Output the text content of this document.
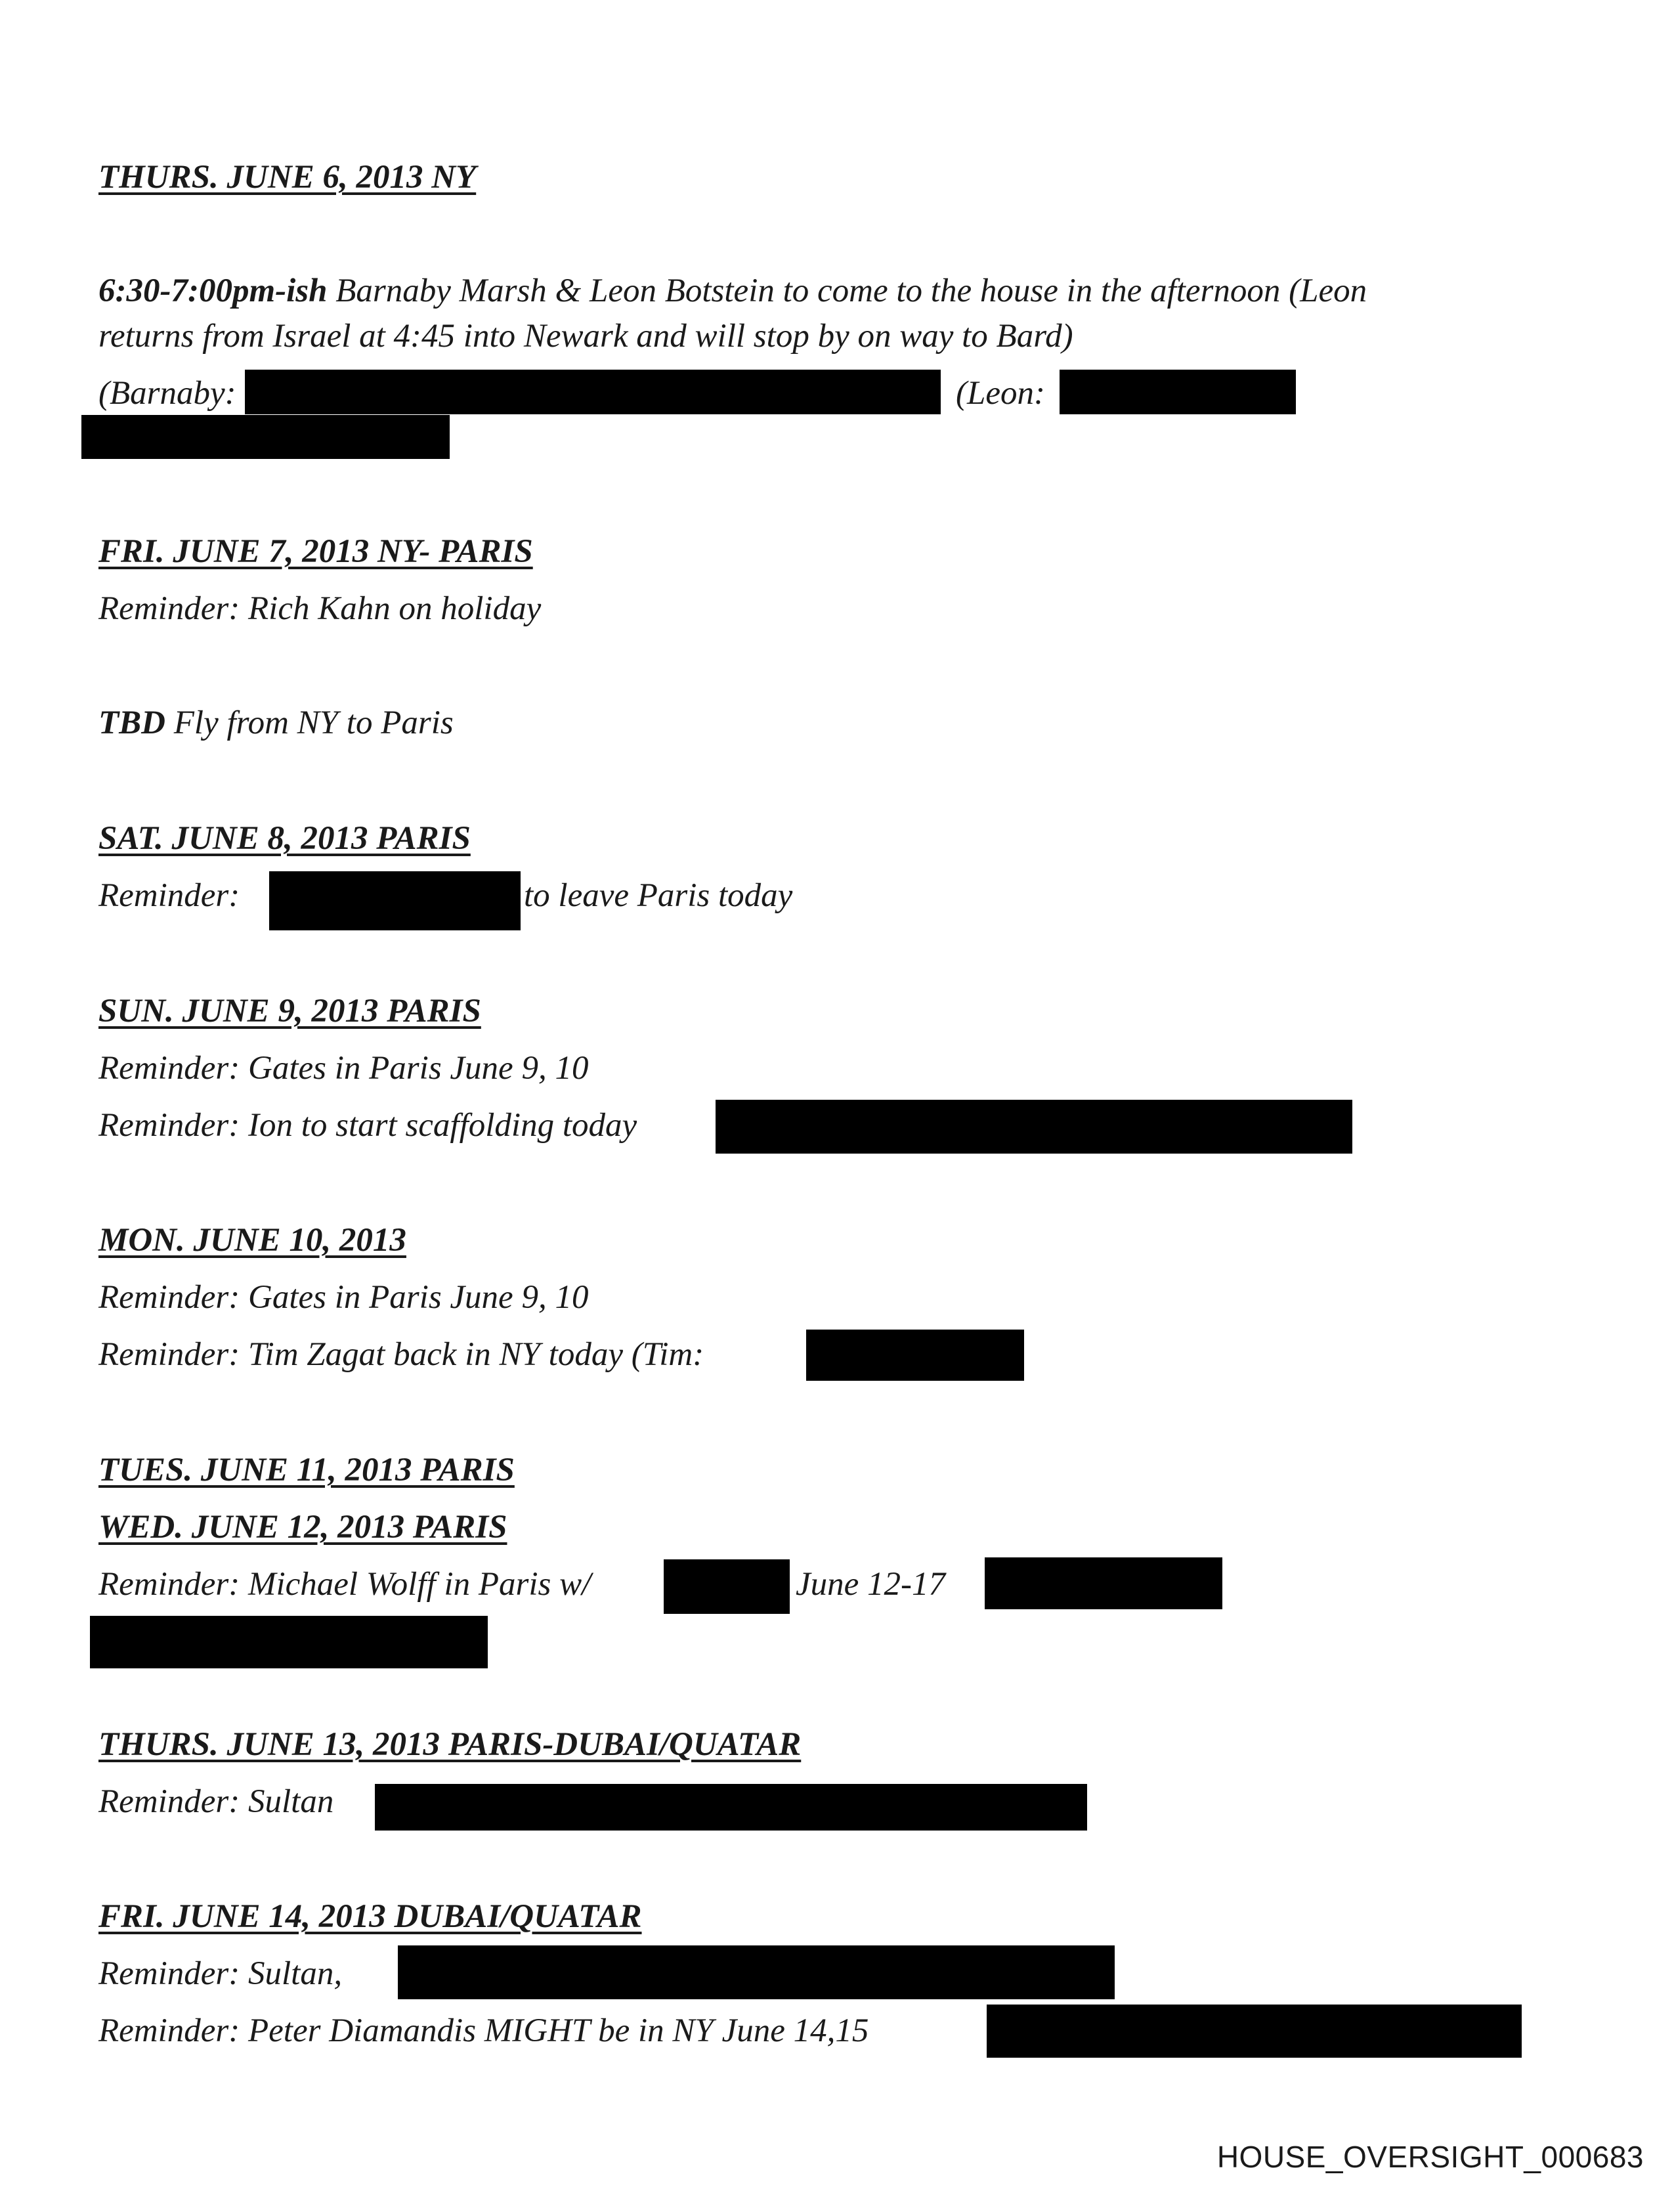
THURS. JUNE 6, 2013 NY

6:30-7:00pm-ish Barnaby Marsh & Leon Botstein to come to the house in the afternoon (Leon

returns from Israel at 4:45 into Newark and will stop by on way to Bard)

(Barnaby:	(Leon:

FRI. JUNE 7, 2013 NY- PARIS

Reminder: Rich Kahn on holiday

TBD Fly from NY to Paris

SAT. JUNE 8, 2013 PARIS

Reminder:	to leave Paris today

SUN. JUNE 9, 2013 PARIS

Reminder: Gates in Paris June 9, 10

Reminder: Ion to start scaffolding today

MON. JUNE 10, 2013

Reminder: Gates in Paris June 9, 10

Reminder: Tim Zagat back in NY today (Tim:

TUES. JUNE 11, 2013 PARIS

WED. JUNE 12, 2013 PARIS

Reminder: Michael Wolff in Paris w/	June 12-17

THURS. JUNE 13, 2013 PARIS-DUBAI/QUATAR

Reminder: Sultan

FRI. JUNE 14, 2013 DUBAI/QUATAR

Reminder: Sultan,

Reminder: Peter Diamandis MIGHT be in NY June 14,15

HOUSE_OVERSIGHT_000683
